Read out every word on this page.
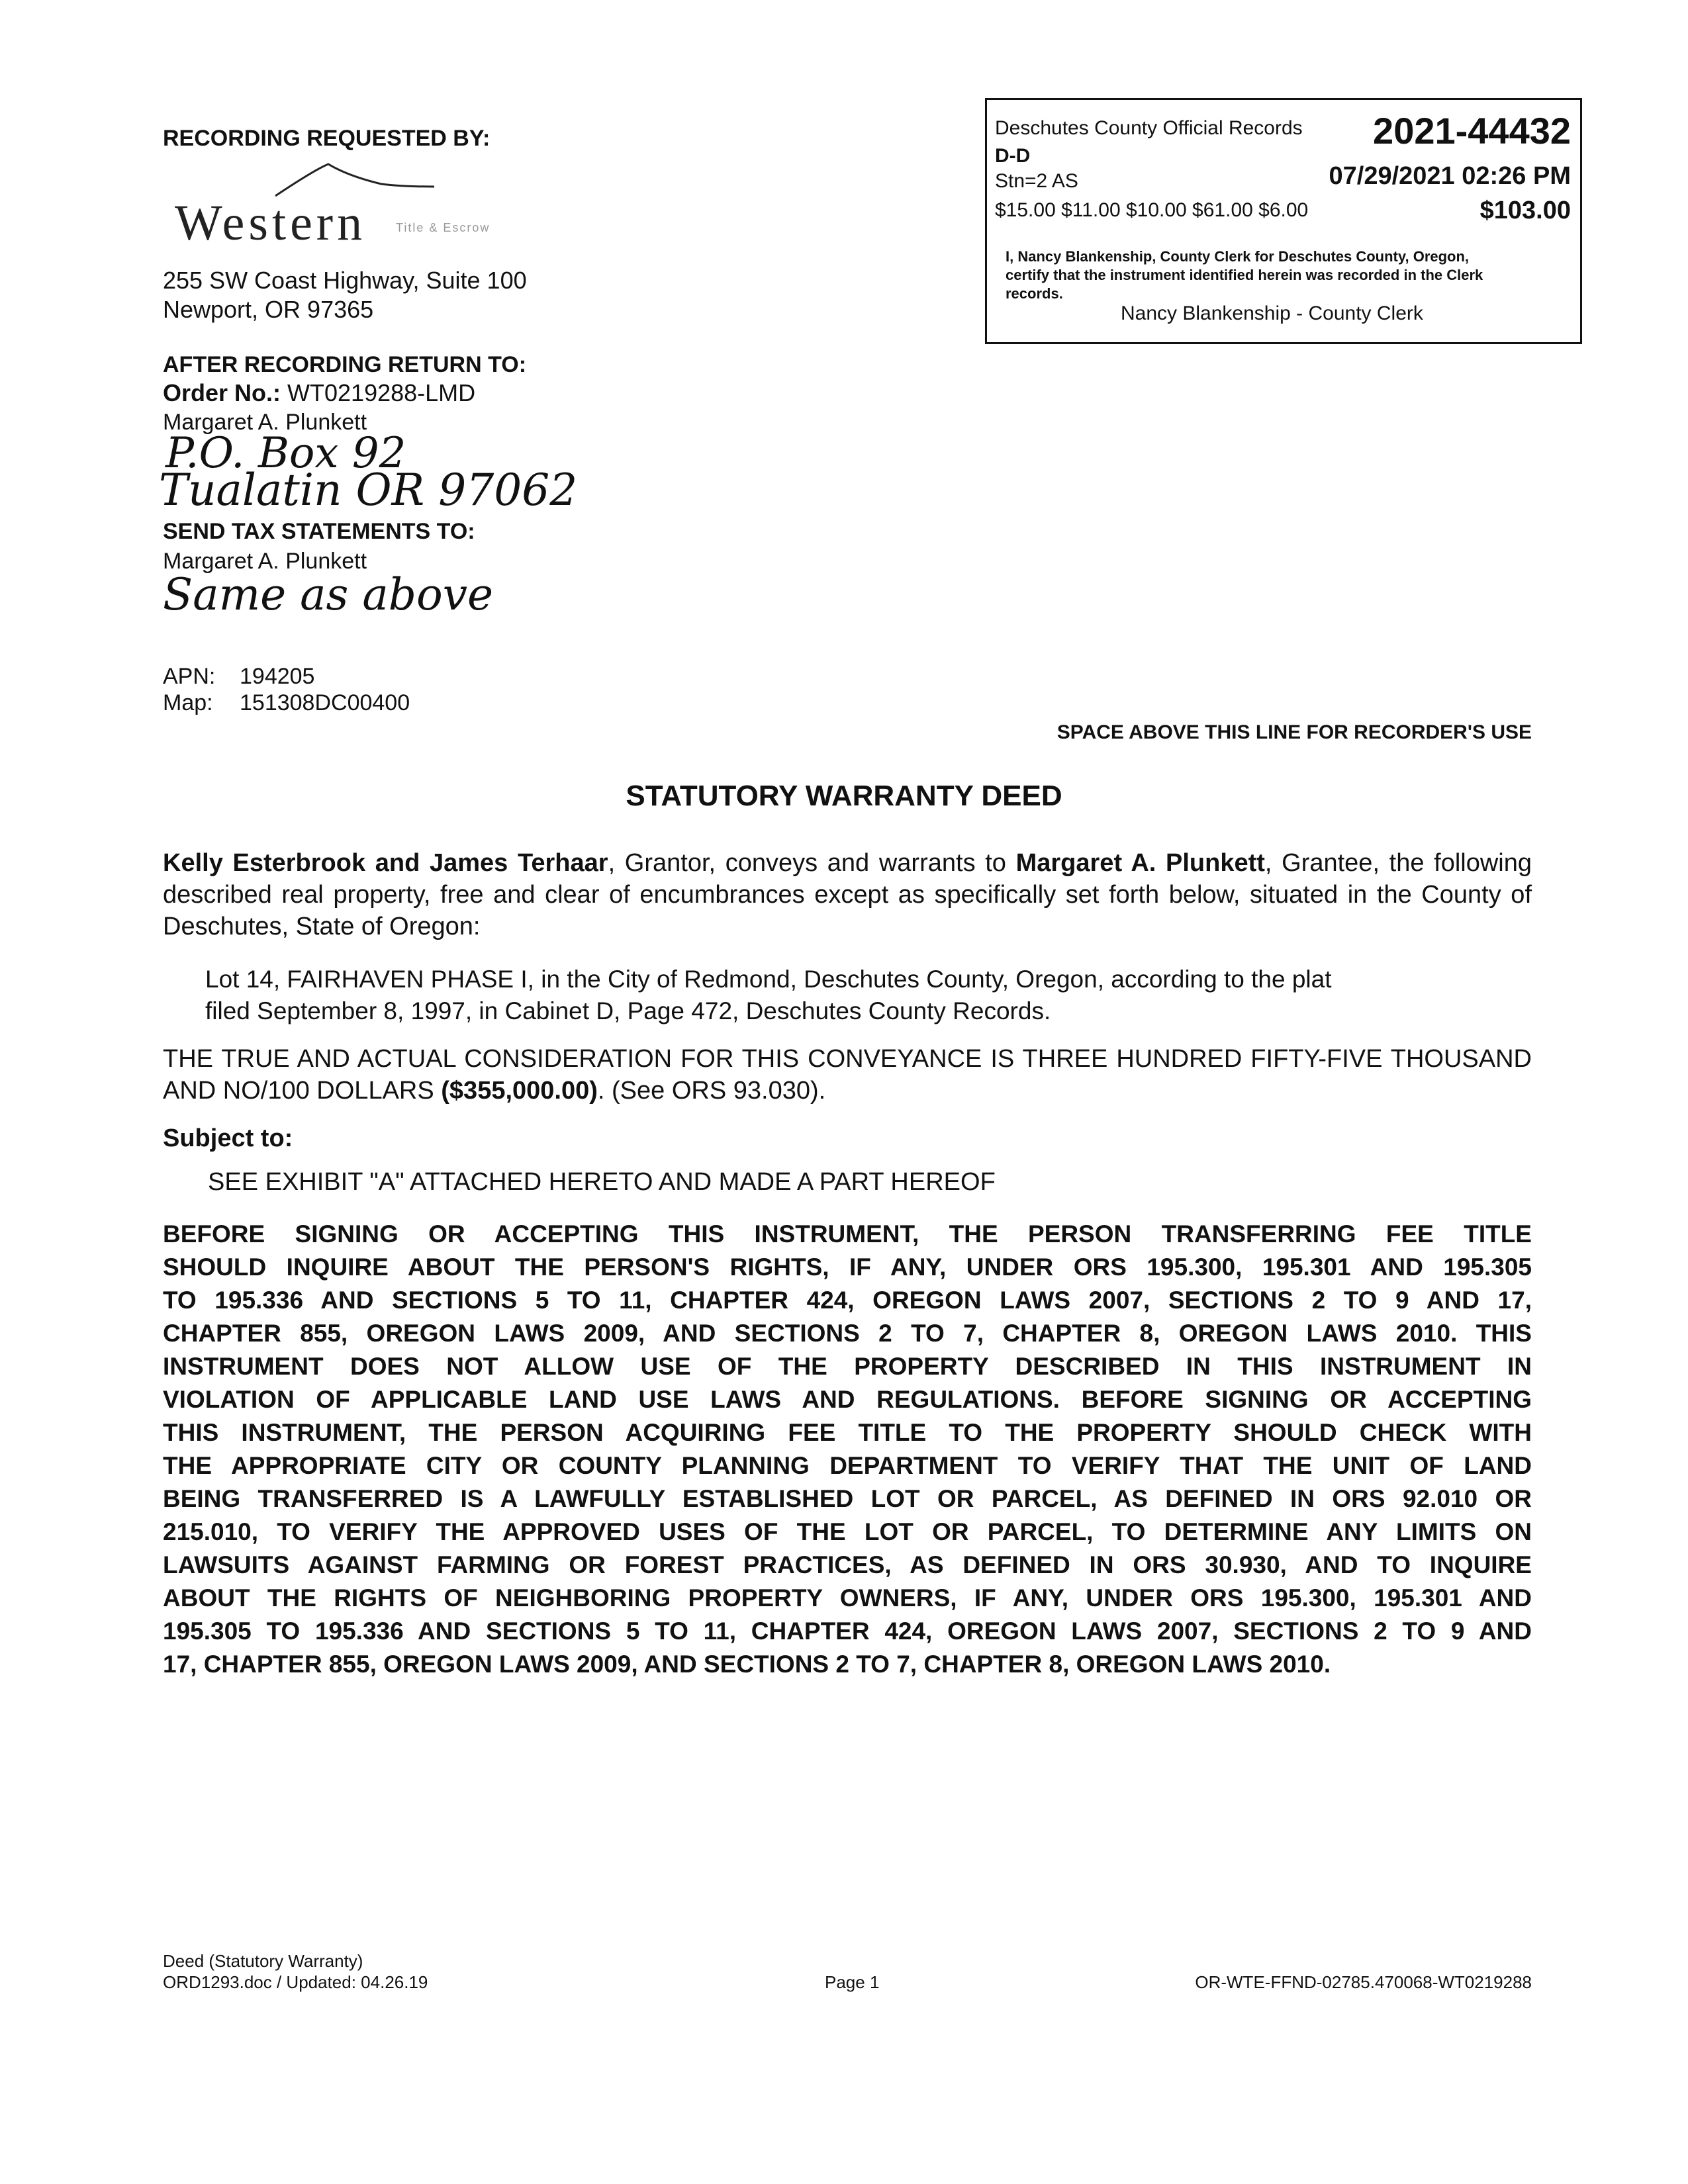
RECORDING REQUESTED BY:
Western Title & Escrow
255 SW Coast Highway, Suite 100
Newport, OR 97365
AFTER RECORDING RETURN TO:
Order No.: WT0219288-LMD
Margaret A. Plunkett
P.O. Box 92
Tualatin OR 97062
SEND TAX STATEMENTS TO:
Margaret A. Plunkett
Same as above
APN: 194205
Map: 151308DC00400
Deschutes County Official Records 2021-44432
D-D
Stn=2 AS	07/29/2021 02:26 PM
$15.00 $11.00 $10.00 $61.00 $6.00	$103.00
I, Nancy Blankenship, County Clerk for Deschutes County, Oregon,
certify that the instrument identified herein was recorded in the Clerk
records.
Nancy Blankenship - County Clerk
SPACE ABOVE THIS LINE FOR RECORDER'S USE
STATUTORY WARRANTY DEED
Kelly Esterbrook and James Terhaar, Grantor, conveys and warrants to Margaret A. Plunkett, Grantee, the following described real property, free and clear of encumbrances except as specifically set forth below, situated in the County of Deschutes, State of Oregon:
Lot 14, FAIRHAVEN PHASE I, in the City of Redmond, Deschutes County, Oregon, according to the plat
filed September 8, 1997, in Cabinet D, Page 472, Deschutes County Records.
THE TRUE AND ACTUAL CONSIDERATION FOR THIS CONVEYANCE IS THREE HUNDRED FIFTY-FIVE THOUSAND AND NO/100 DOLLARS ($355,000.00). (See ORS 93.030).
Subject to:
SEE EXHIBIT "A" ATTACHED HERETO AND MADE A PART HEREOF
BEFORE SIGNING OR ACCEPTING THIS INSTRUMENT, THE PERSON TRANSFERRING FEE TITLE
SHOULD INQUIRE ABOUT THE PERSON'S RIGHTS, IF ANY, UNDER ORS 195.300, 195.301 AND 195.305
TO 195.336 AND SECTIONS 5 TO 11, CHAPTER 424, OREGON LAWS 2007, SECTIONS 2 TO 9 AND 17,
CHAPTER 855, OREGON LAWS 2009, AND SECTIONS 2 TO 7, CHAPTER 8, OREGON LAWS 2010. THIS
INSTRUMENT DOES NOT ALLOW USE OF THE PROPERTY DESCRIBED IN THIS INSTRUMENT IN
VIOLATION OF APPLICABLE LAND USE LAWS AND REGULATIONS. BEFORE SIGNING OR ACCEPTING
THIS INSTRUMENT, THE PERSON ACQUIRING FEE TITLE TO THE PROPERTY SHOULD CHECK WITH
THE APPROPRIATE CITY OR COUNTY PLANNING DEPARTMENT TO VERIFY THAT THE UNIT OF LAND
BEING TRANSFERRED IS A LAWFULLY ESTABLISHED LOT OR PARCEL, AS DEFINED IN ORS 92.010 OR
215.010, TO VERIFY THE APPROVED USES OF THE LOT OR PARCEL, TO DETERMINE ANY LIMITS ON
LAWSUITS AGAINST FARMING OR FOREST PRACTICES, AS DEFINED IN ORS 30.930, AND TO INQUIRE
ABOUT THE RIGHTS OF NEIGHBORING PROPERTY OWNERS, IF ANY, UNDER ORS 195.300, 195.301 AND
195.305 TO 195.336 AND SECTIONS 5 TO 11, CHAPTER 424, OREGON LAWS 2007, SECTIONS 2 TO 9 AND
17, CHAPTER 855, OREGON LAWS 2009, AND SECTIONS 2 TO 7, CHAPTER 8, OREGON LAWS 2010.
Deed (Statutory Warranty)
ORD1293.doc / Updated: 04.26.19	Page 1	OR-WTE-FFND-02785.470068-WT0219288
